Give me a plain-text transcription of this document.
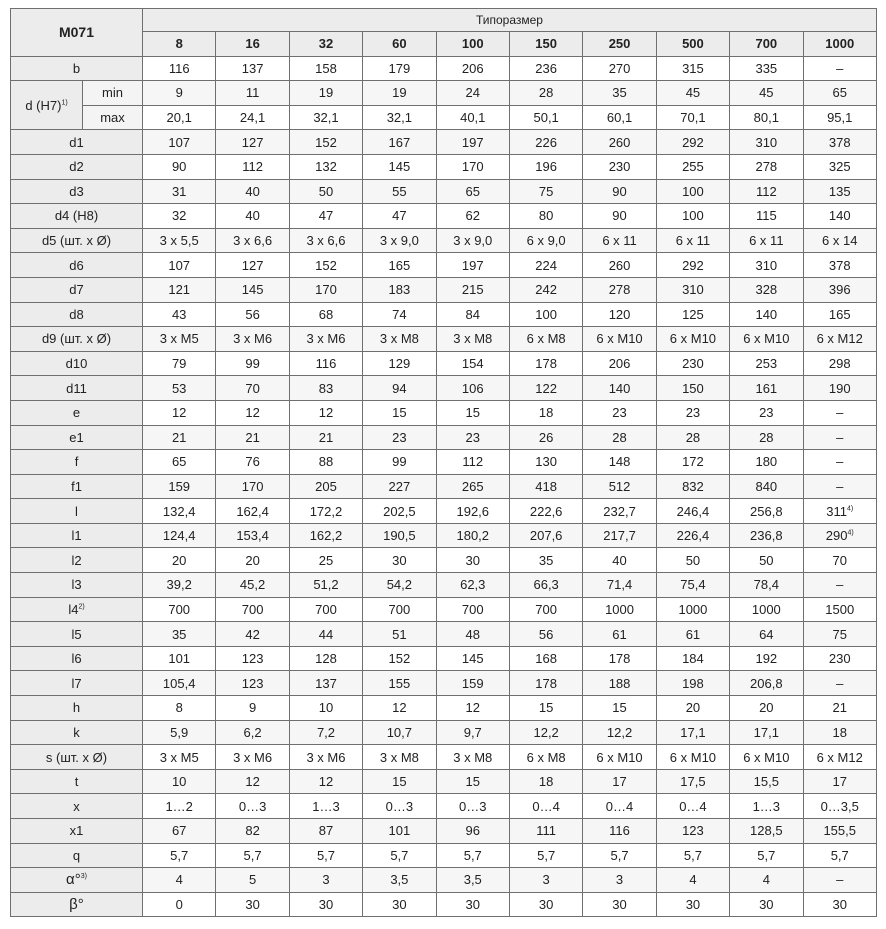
M071		Типоразмер									
		8	16	32	60	100	150	250	500	700	1000
b		116	137	158	179	206	236	270	315	335	–
d $(H7)^{1)}$	min	9	11	19	19	24	28	35	45	45	65
	max	20,1	24,1	32,1	32,1	40,1	50,1	60,1	70,1	80,1	95,1
d1		107	127	152	167	197	226	260	292	310	378
d2		90	112	132	145	170	196	230	255	278	325
d3		31	40	50	55	65	75	90	100	112	135
d4 (H8)		32	40	47	47	62	80	90	100	115	140
d5 (шт. x Ø)		3 x 5,5	3 x 6,6	3 x 6,6	3 x 9,0	3 x 9,0	6 x 9,0	6 x 11	6 x 11	6 x 11	6 x 14
d6		107	127	152	165	197	224	260	292	310	378
d7		121	145	170	183	215	242	278	310	328	396
d8		43	56	68	74	84	100	120	125	140	165
d9 (шт. x Ø)		3 x M5	3 x M6	3 x M6	3 x M8	3 x M8	6 x M8	6 x M10	6 x M10	6 x M10	6 x M12
d10		79	99	116	129	154	178	206	230	253	298
d11		53	70	83	94	106	122	140	150	161	190
e		12	12	12	15	15	18	23	23	23	–
e1		21	21	21	23	23	26	28	28	28	–
f		65	76	88	99	112	130	148	172	180	–
f1		159	170	205	227	265	418	512	832	840	–
l		132,4	162,4	172,2	202,5	192,6	222,6	232,7	246,4	256,8	311$^{4)}$
l1		124,4	153,4	162,2	190,5	180,2	207,6	217,7	226,4	236,8	290$^{4)}$
l2		20	20	25	30	30	35	40	50	50	70
l3		39,2	45,2	51,2	54,2	62,3	66,3	71,4	75,4	78,4	–
l4$^{2)}$		700	700	700	700	700	700	1000	1000	1000	1500
l5		35	42	44	51	48	56	61	61	64	75
l6		101	123	128	152	145	168	178	184	192	230
l7		105,4	123	137	155	159	178	188	198	206,8	–
h		8	9	10	12	12	15	15	20	20	21
k		5,9	6,2	7,2	10,7	9,7	12,2	12,2	17,1	17,1	18
s (шт. x Ø)		3 x M5	3 x M6	3 x M6	3 x M8	3 x M8	6 x M8	6 x M10	6 x M10	6 x M10	6 x M12
t		10	12	12	15	15	18	17	17,5	15,5	17
x		1…2	0…3	1…3	0…3	0…3	0…4	0…4	0…4	1…3	0…3,5
x1		67	82	87	101	96	111	116	123	128,5	155,5
q		5,7	5,7	5,7	5,7	5,7	5,7	5,7	5,7	5,7	5,7
α°$^{3)}$		4	5	3	3,5	3,5	3	3	4	4	–
β°		0	30	30	30	30	30	30	30	30	30
